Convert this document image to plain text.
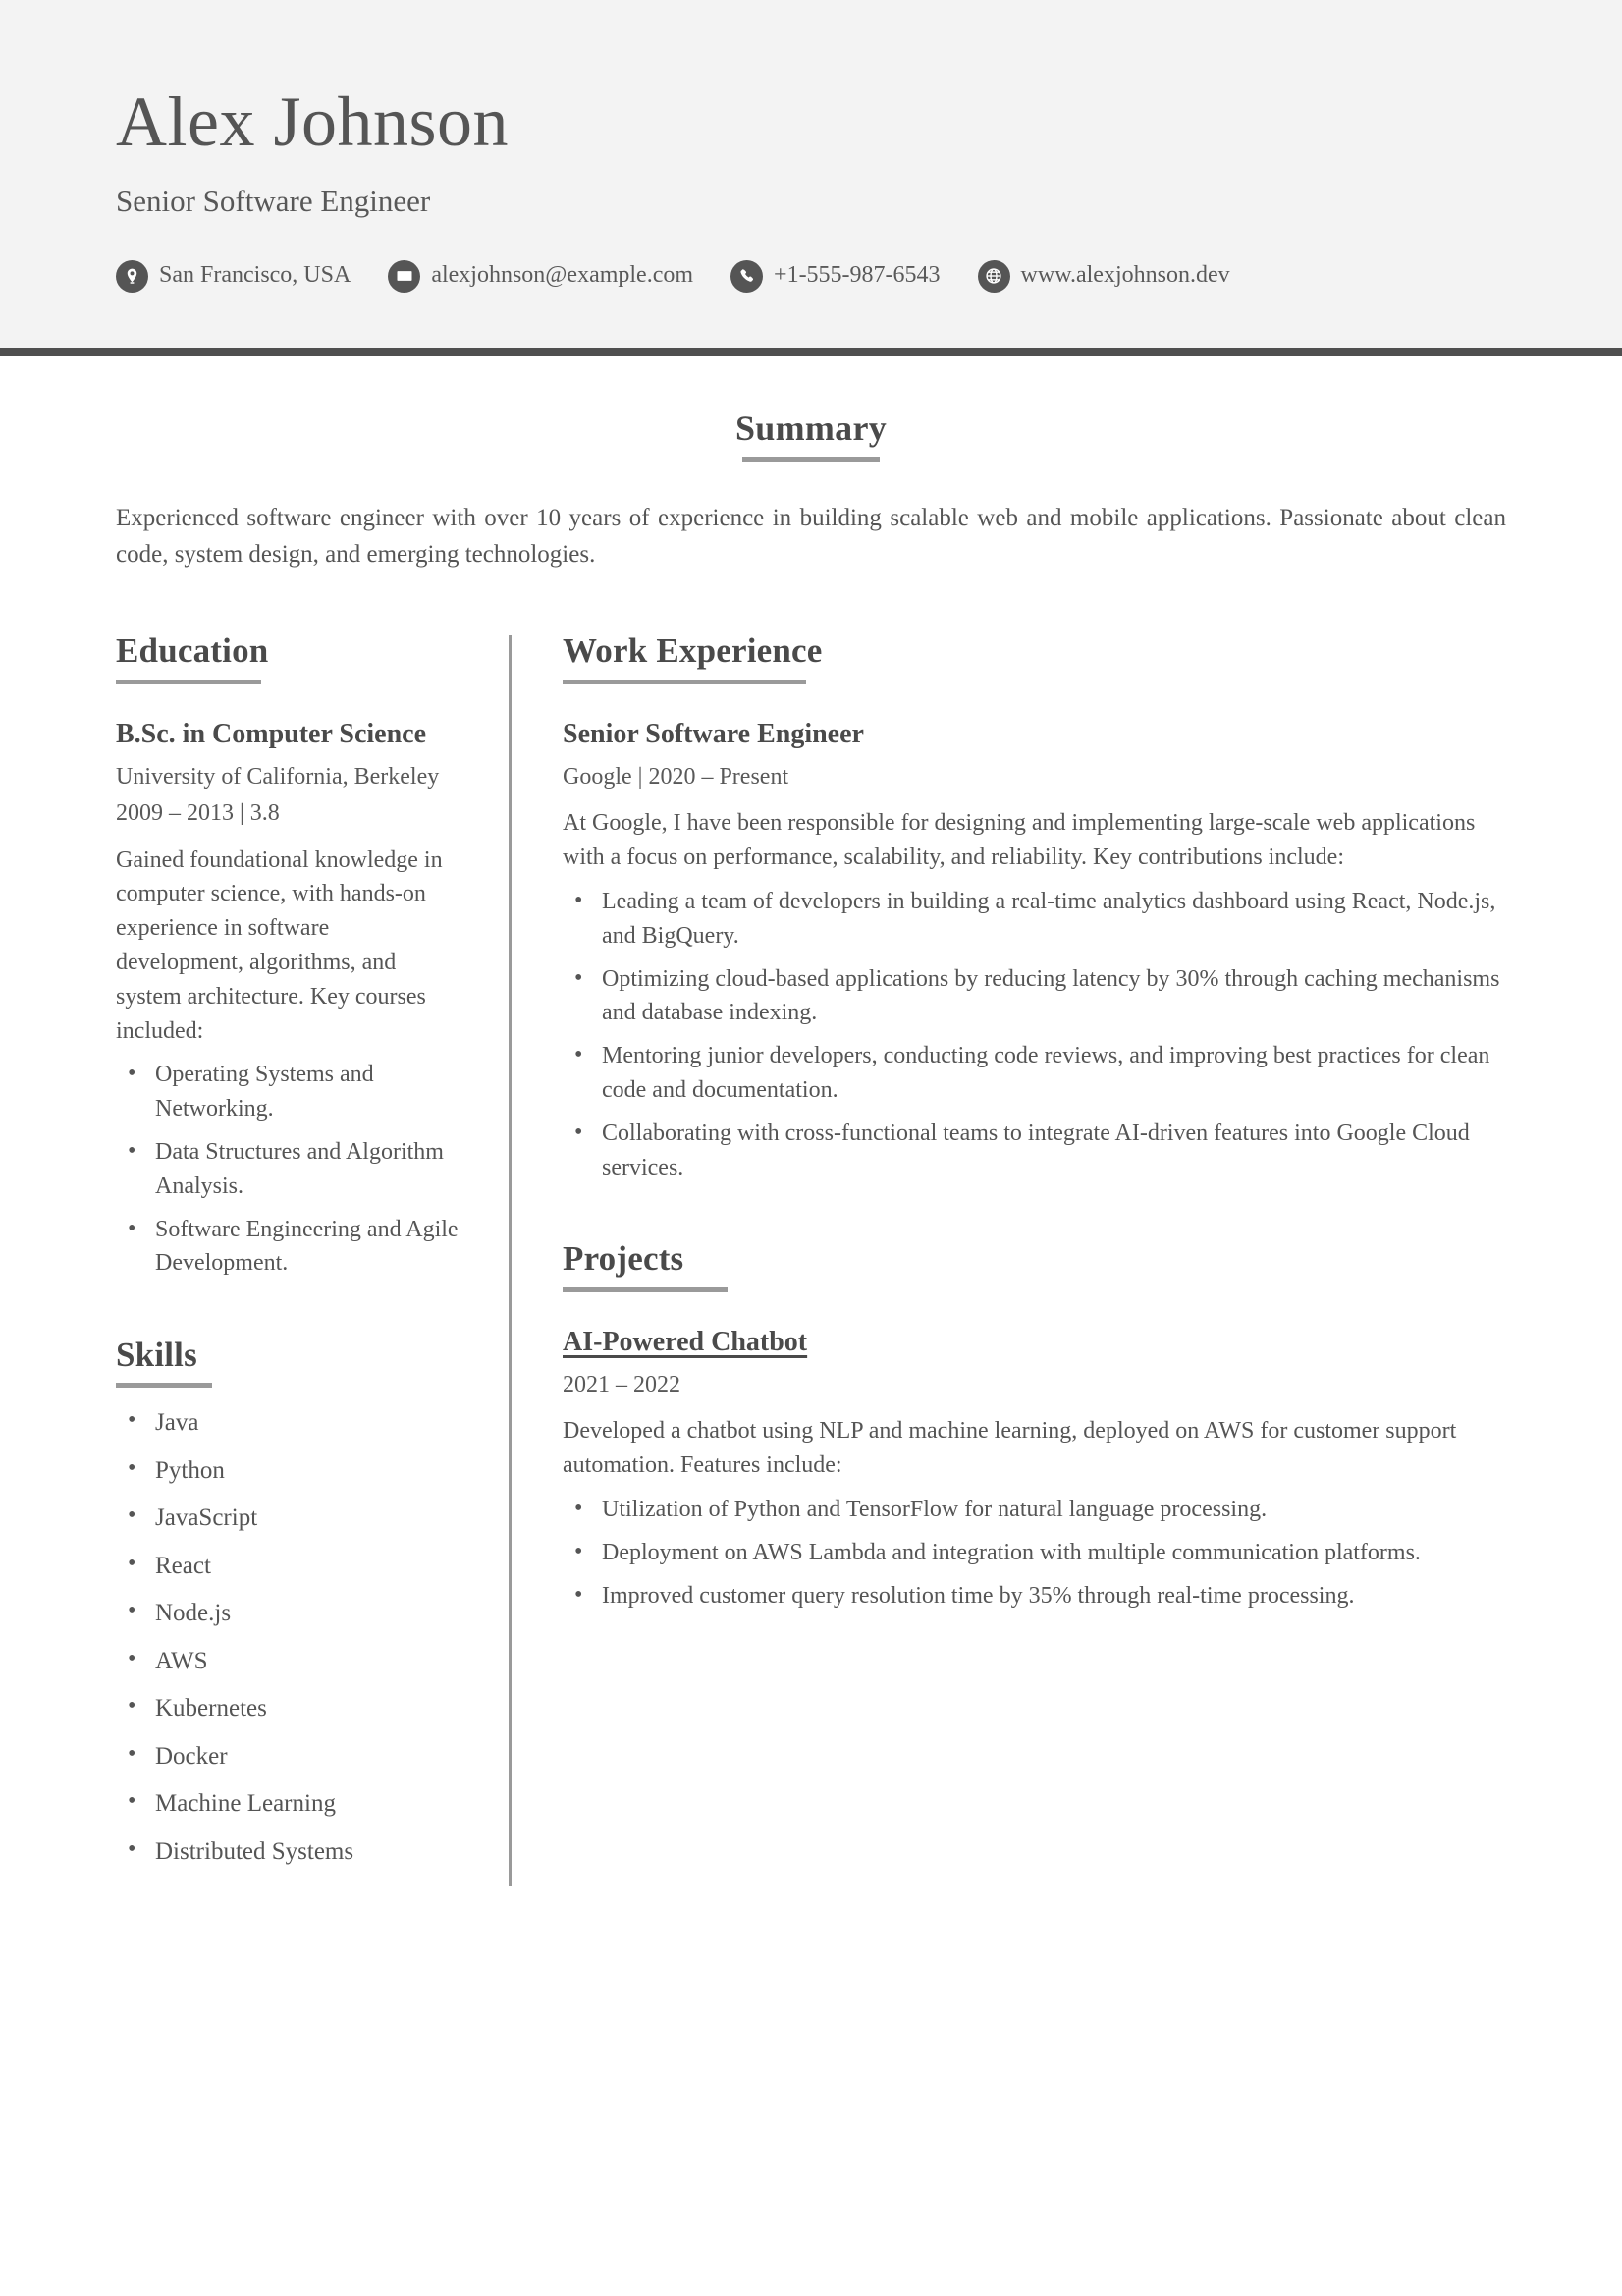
Alex Johnson
Senior Software Engineer
San Francisco, USA	alexjohnson@example.com	+1-555-987-6543	www.alexjohnson.dev
Summary

Experienced software engineer with over 10 years of experience in building scalable web and mobile applications. Passionate about clean code, system design, and emerging technologies.

Education
B.Sc. in Computer Science
University of California, Berkeley
2009 – 2013 | 3.8

Gained foundational knowledge in computer science, with hands-on experience in software development, algorithms, and system architecture. Key courses included:

• Operating Systems and Networking.
• Data Structures and Algorithm Analysis.
• Software Engineering and Agile Development.
Skills
• Java
• Python
• JavaScript
• React
• Node.js
• AWS
• Kubernetes
• Docker
• Machine Learning
• Distributed Systems
Work Experience
Senior Software Engineer
Google | 2020 – Present

At Google, I have been responsible for designing and implementing large-scale web applications with a focus on performance, scalability, and reliability. Key contributions include:

• Leading a team of developers in building a real-time analytics dashboard using React, Node.js, and BigQuery.
• Optimizing cloud-based applications by reducing latency by 30% through caching mechanisms and database indexing.
• Mentoring junior developers, conducting code reviews, and improving best practices for clean code and documentation.
• Collaborating with cross-functional teams to integrate AI-driven features into Google Cloud services.
Projects
AI-Powered Chatbot
2021 – 2022

Developed a chatbot using NLP and machine learning, deployed on AWS for customer support automation. Features include:

• Utilization of Python and TensorFlow for natural language processing.
• Deployment on AWS Lambda and integration with multiple communication platforms.
• Improved customer query resolution time by 35% through real-time processing.
